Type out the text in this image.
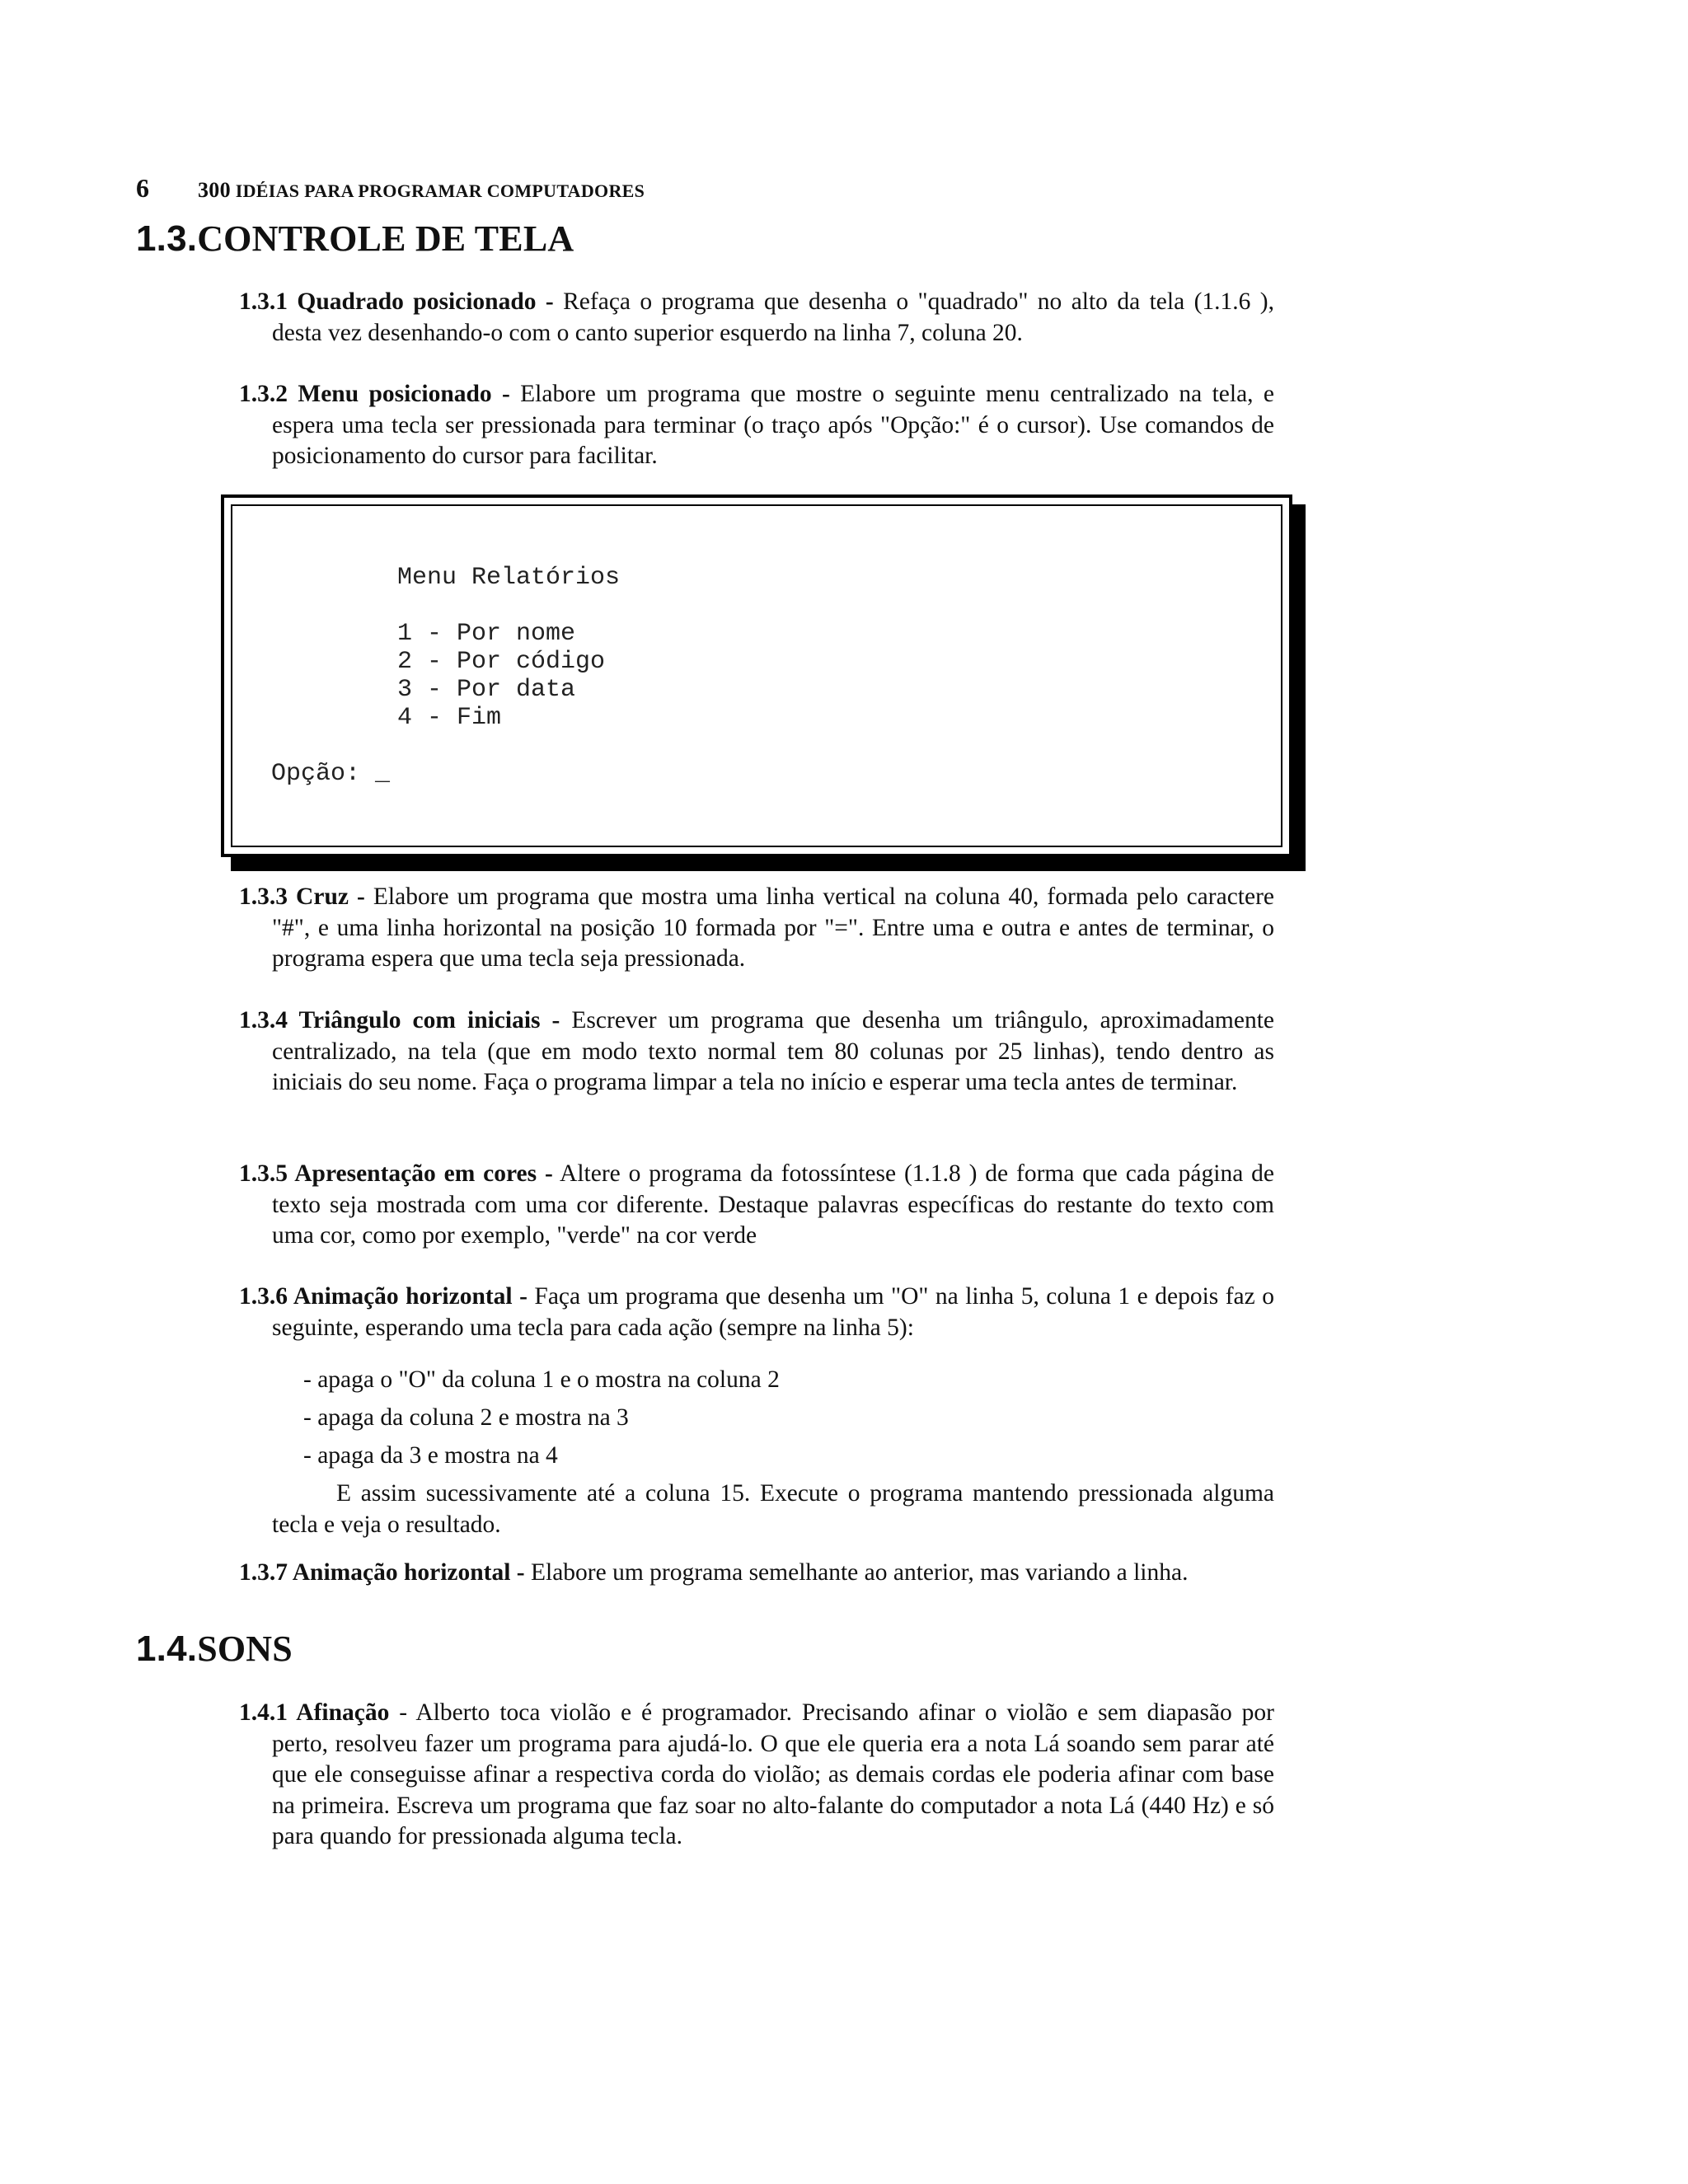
6	300 IDÉIAS PARA PROGRAMAR COMPUTADORES
1.3.CONTROLE DE TELA
1.3.1 Quadrado posicionado - Refaça o programa que desenha o "quadrado" no alto da tela (1.1.6 ), desta vez desenhando-o com o canto superior esquerdo na linha 7, coluna 20.
1.3.2 Menu posicionado - Elabore um programa que mostre o seguinte menu centralizado na tela, e espera uma tecla ser pressionada para terminar (o traço após "Opção:" é o cursor). Use comandos de posicionamento do cursor para facilitar.
Menu Relatórios
1 - Por nome
2 - Por código
3 - Por data
4 - Fim
Opção: _
1.3.3 Cruz - Elabore um programa que mostra uma linha vertical na coluna 40, formada pelo caractere "#", e uma linha horizontal na posição 10 formada por "=". Entre uma e outra e antes de terminar, o programa espera que uma tecla seja pressionada.
1.3.4 Triângulo com iniciais - Escrever um programa que desenha um triângulo, aproximadamente centralizado, na tela (que em modo texto normal tem 80 colunas por 25 linhas), tendo dentro as iniciais do seu nome. Faça o programa limpar a tela no início e esperar uma tecla antes de terminar.
1.3.5 Apresentação em cores - Altere o programa da fotossíntese (1.1.8 ) de forma que cada página de texto seja mostrada com uma cor diferente. Destaque palavras específicas do restante do texto com uma cor, como por exemplo, "verde" na cor verde
1.3.6 Animação horizontal - Faça um programa que desenha um "O" na linha 5, coluna 1 e depois faz o seguinte, esperando uma tecla para cada ação (sempre na linha 5):
- apaga o "O" da coluna 1 e o mostra na coluna 2
- apaga da coluna 2 e mostra na 3
- apaga da 3 e mostra na 4
E assim sucessivamente até a coluna 15. Execute o programa mantendo pressionada alguma tecla e veja o resultado.
1.3.7 Animação horizontal - Elabore um programa semelhante ao anterior, mas variando a linha.
1.4.SONS
1.4.1 Afinação - Alberto toca violão e é programador. Precisando afinar o violão e sem diapasão por perto, resolveu fazer um programa para ajudá-lo. O que ele queria era a nota Lá soando sem parar até que ele conseguisse afinar a respectiva corda do violão; as demais cordas ele poderia afinar com base na primeira. Escreva um programa que faz soar no alto-falante do computador a nota Lá (440 Hz) e só para quando for pressionada alguma tecla.
